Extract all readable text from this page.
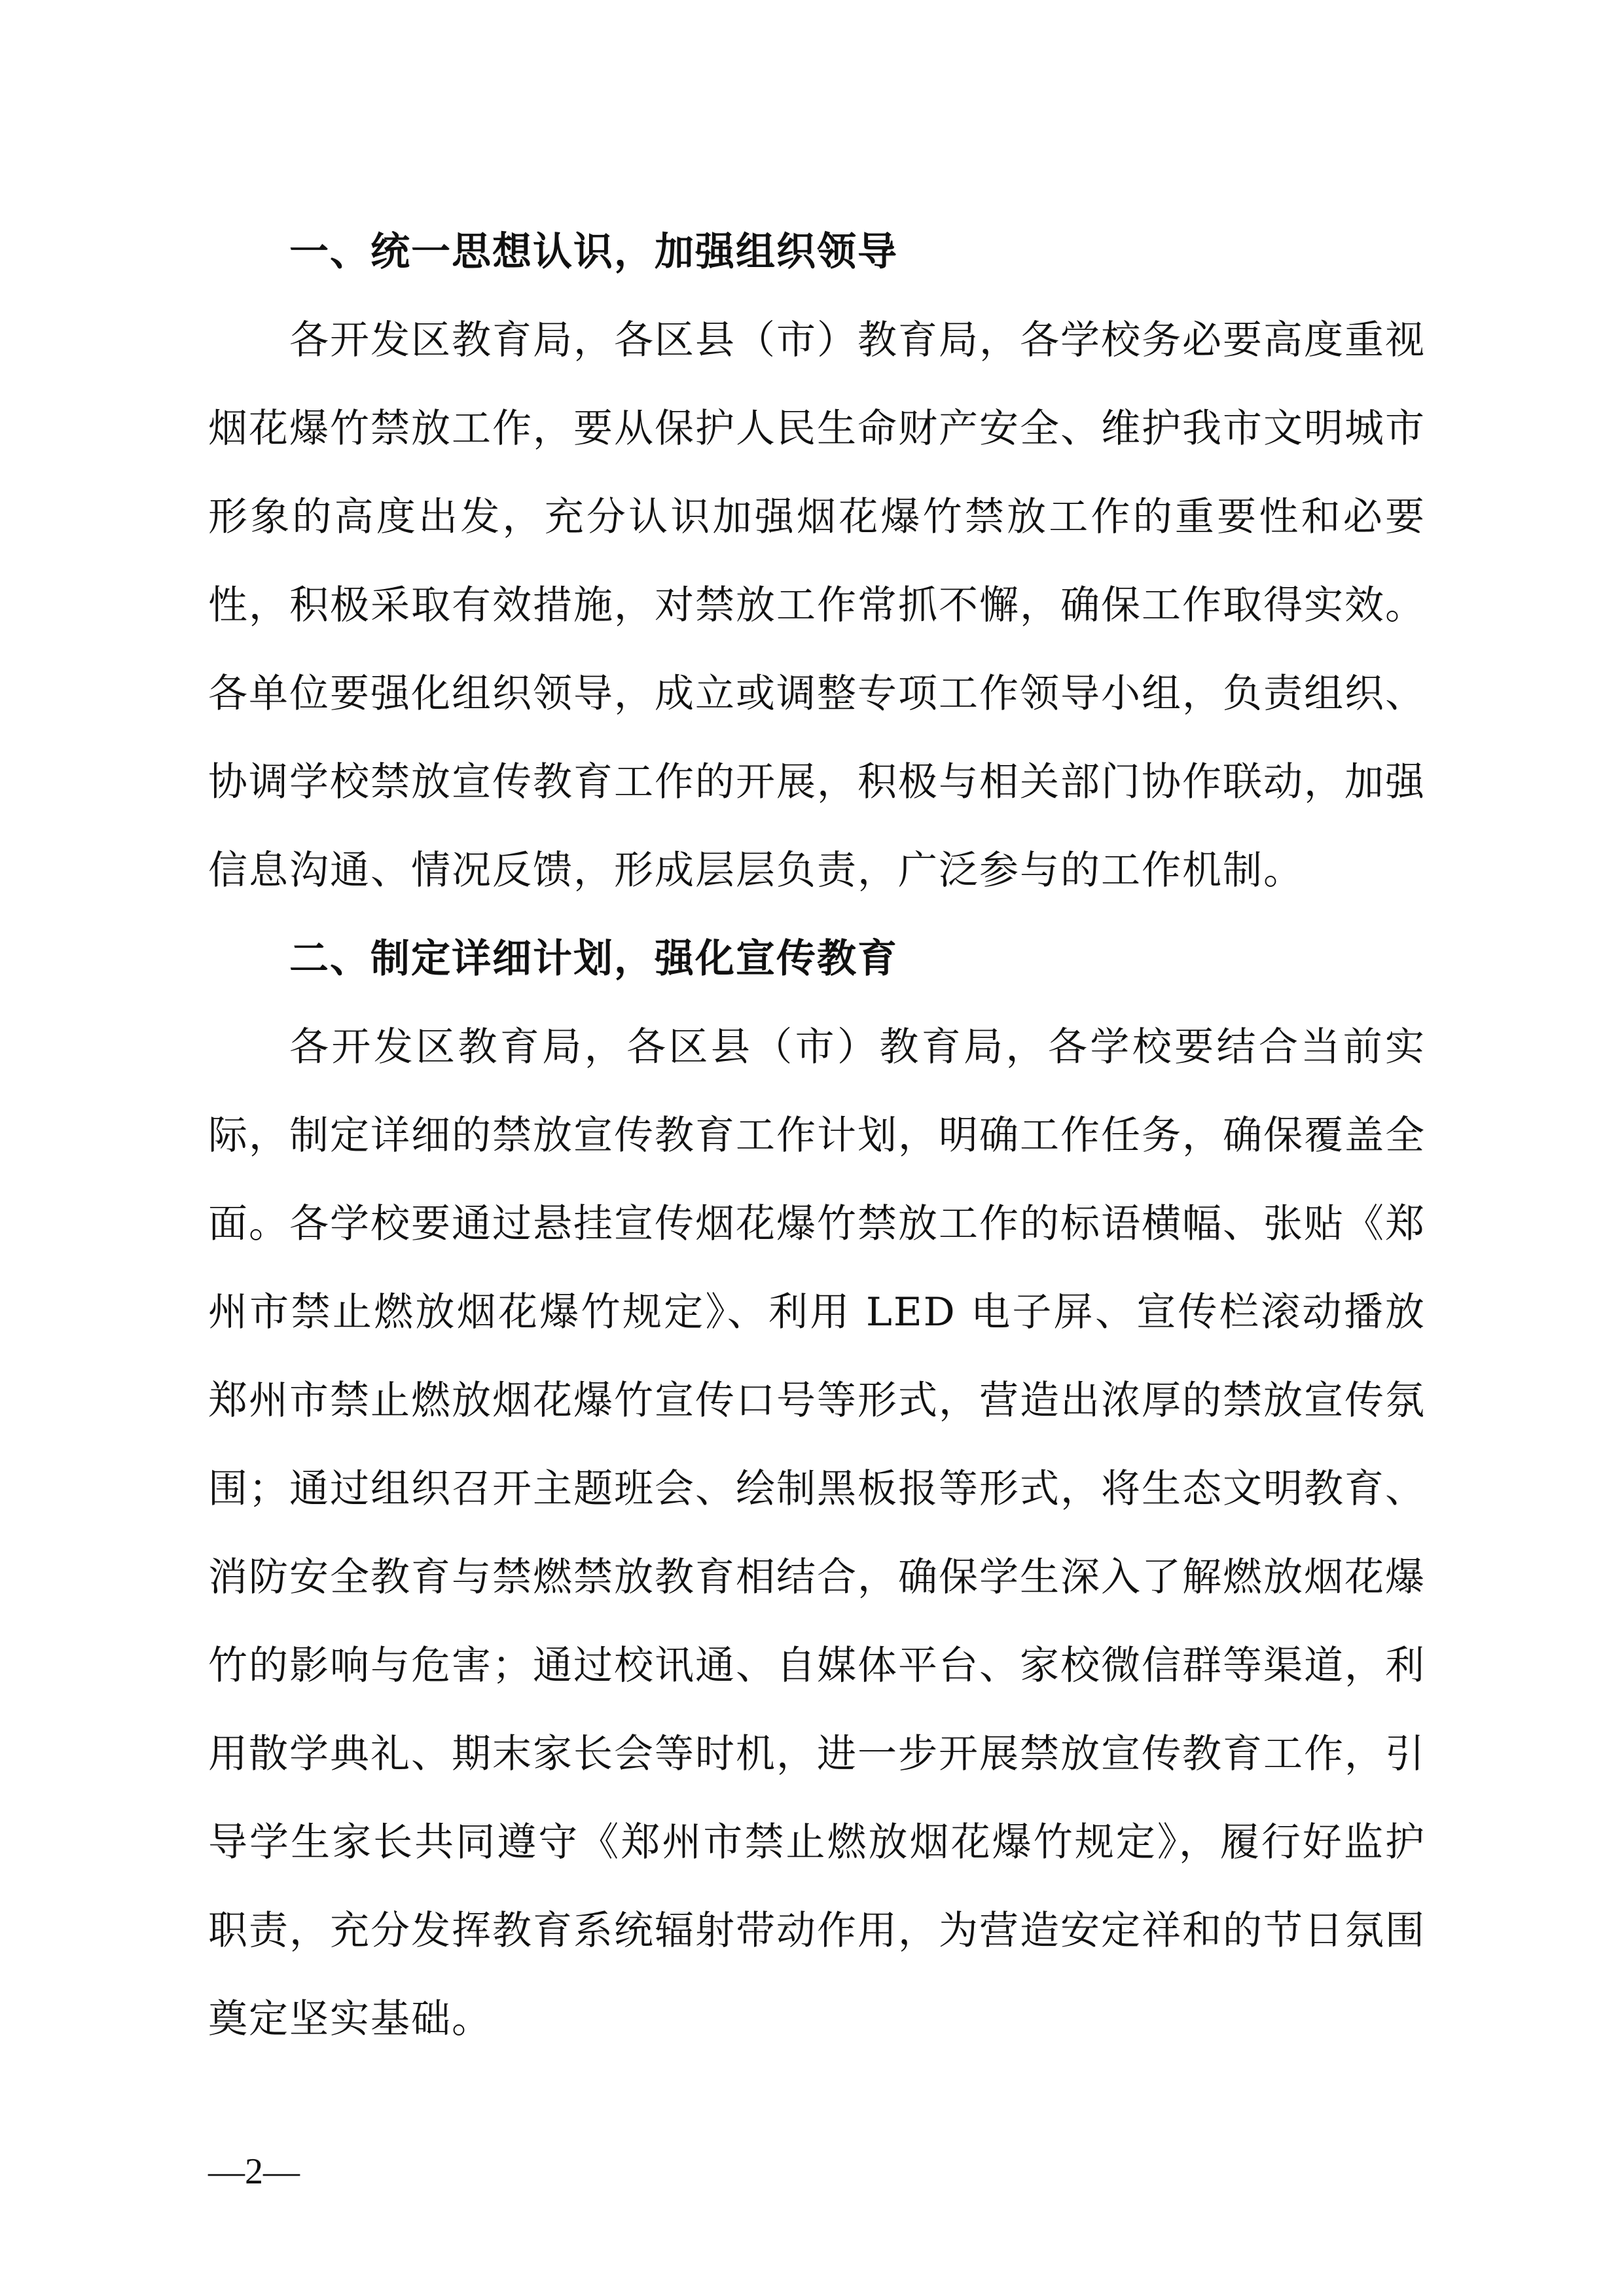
一、统一思想认识，加强组织领导

各开发区教育局，各区县（市）教育局，各学校务必要高度重视烟花爆竹禁放工作，要从保护人民生命财产安全、维护我市文明城市形象的高度出发，充分认识加强烟花爆竹禁放工作的重要性和必要性，积极采取有效措施，对禁放工作常抓不懈，确保工作取得实效。各单位要强化组织领导，成立或调整专项工作领导小组，负责组织、协调学校禁放宣传教育工作的开展，积极与相关部门协作联动，加强信息沟通、情况反馈，形成层层负责，广泛参与的工作机制。

二、制定详细计划，强化宣传教育

各开发区教育局，各区县（市）教育局，各学校要结合当前实际，制定详细的禁放宣传教育工作计划，明确工作任务，确保覆盖全面。各学校要通过悬挂宣传烟花爆竹禁放工作的标语横幅、张贴《郑州市禁止燃放烟花爆竹规定》、利用 LED 电子屏、宣传栏滚动播放郑州市禁止燃放烟花爆竹宣传口号等形式，营造出浓厚的禁放宣传氛围；通过组织召开主题班会、绘制黑板报等形式，将生态文明教育、消防安全教育与禁燃禁放教育相结合，确保学生深入了解燃放烟花爆竹的影响与危害；通过校讯通、自媒体平台、家校微信群等渠道，利用散学典礼、期末家长会等时机，进一步开展禁放宣传教育工作，引导学生家长共同遵守《郑州市禁止燃放烟花爆竹规定》，履行好监护职责，充分发挥教育系统辐射带动作用，为营造安定祥和的节日氛围奠定坚实基础。

—2—
